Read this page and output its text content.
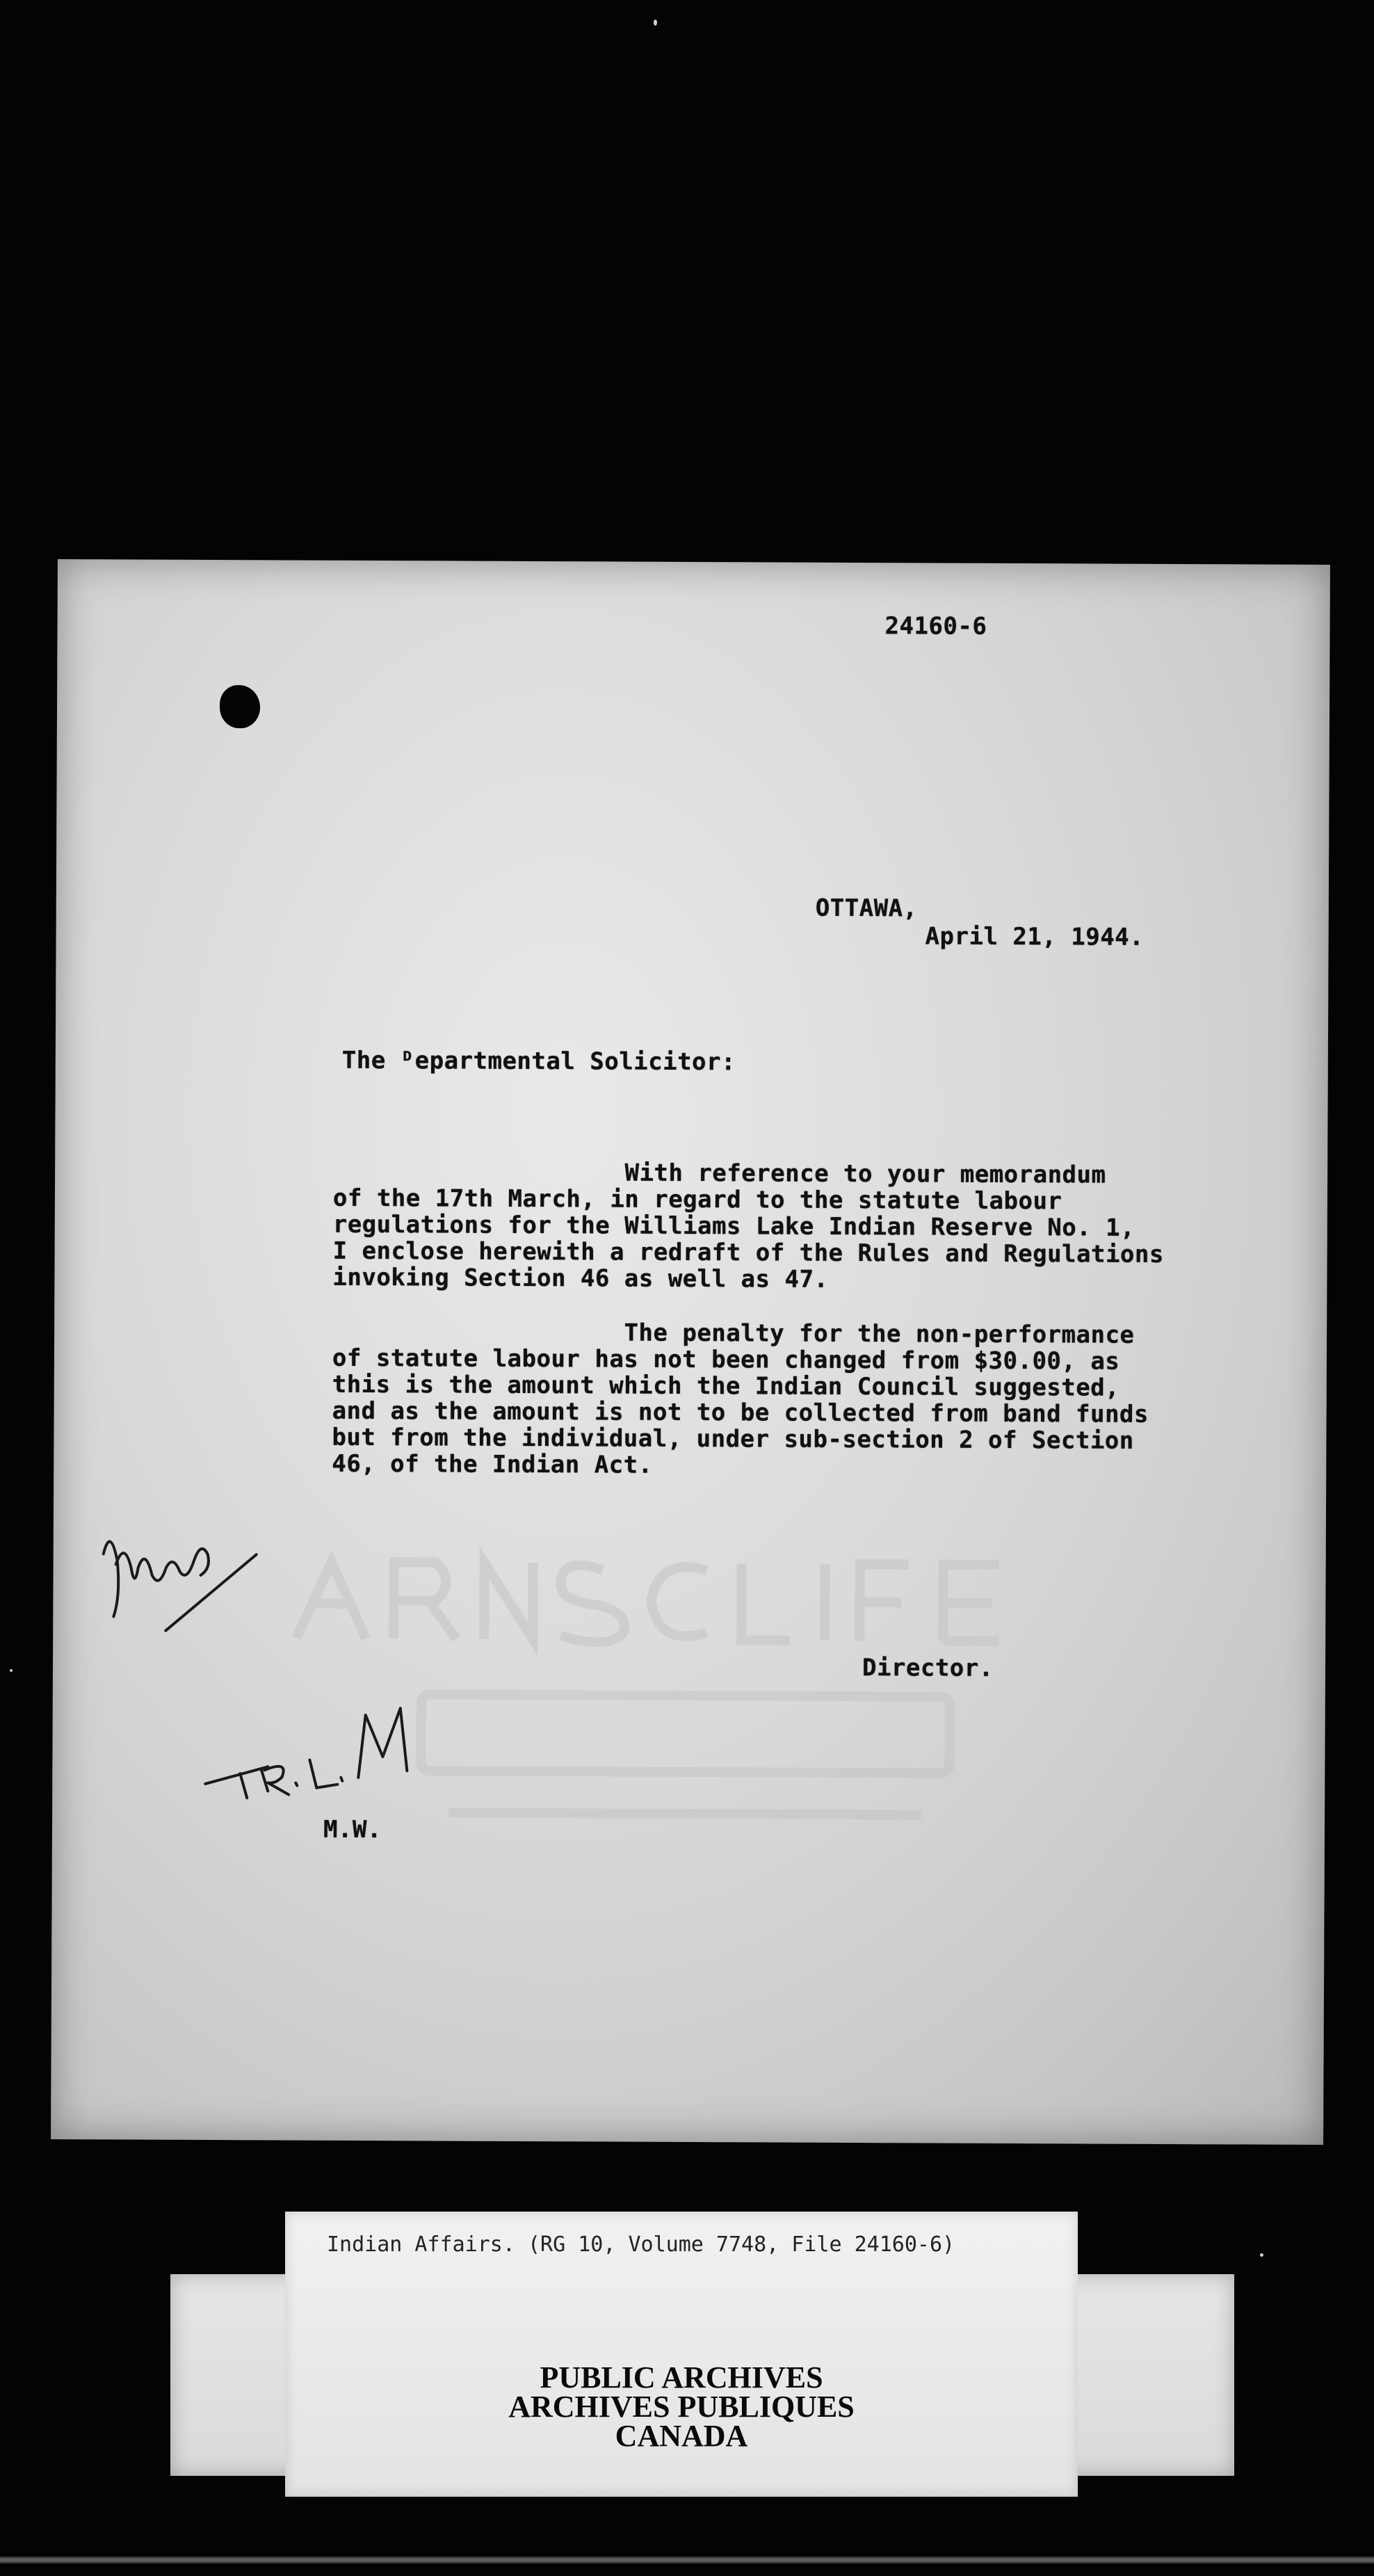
24160-6
OTTAWA,
April 21, 1944.
The ᴰepartmental Solicitor:
With reference to your memorandum
of the 17th March, in regard to the statute labour
regulations for the Williams Lake Indian Reserve No. 1,
I enclose herewith a redraft of the Rules and Regulations
invoking Section 46 as well as 47.
The penalty for the non-performance
of statute labour has not been changed from $30.00, as
this is the amount which the Indian Council suggested,
and as the amount is not to be collected from band funds
but from the individual, under sub-section 2 of Section
46, of the Indian Act.
Director.
M.W.
Indian Affairs. (RG 10, Volume 7748, File 24160-6)
PUBLIC ARCHIVES
ARCHIVES PUBLIQUES
CANADA
